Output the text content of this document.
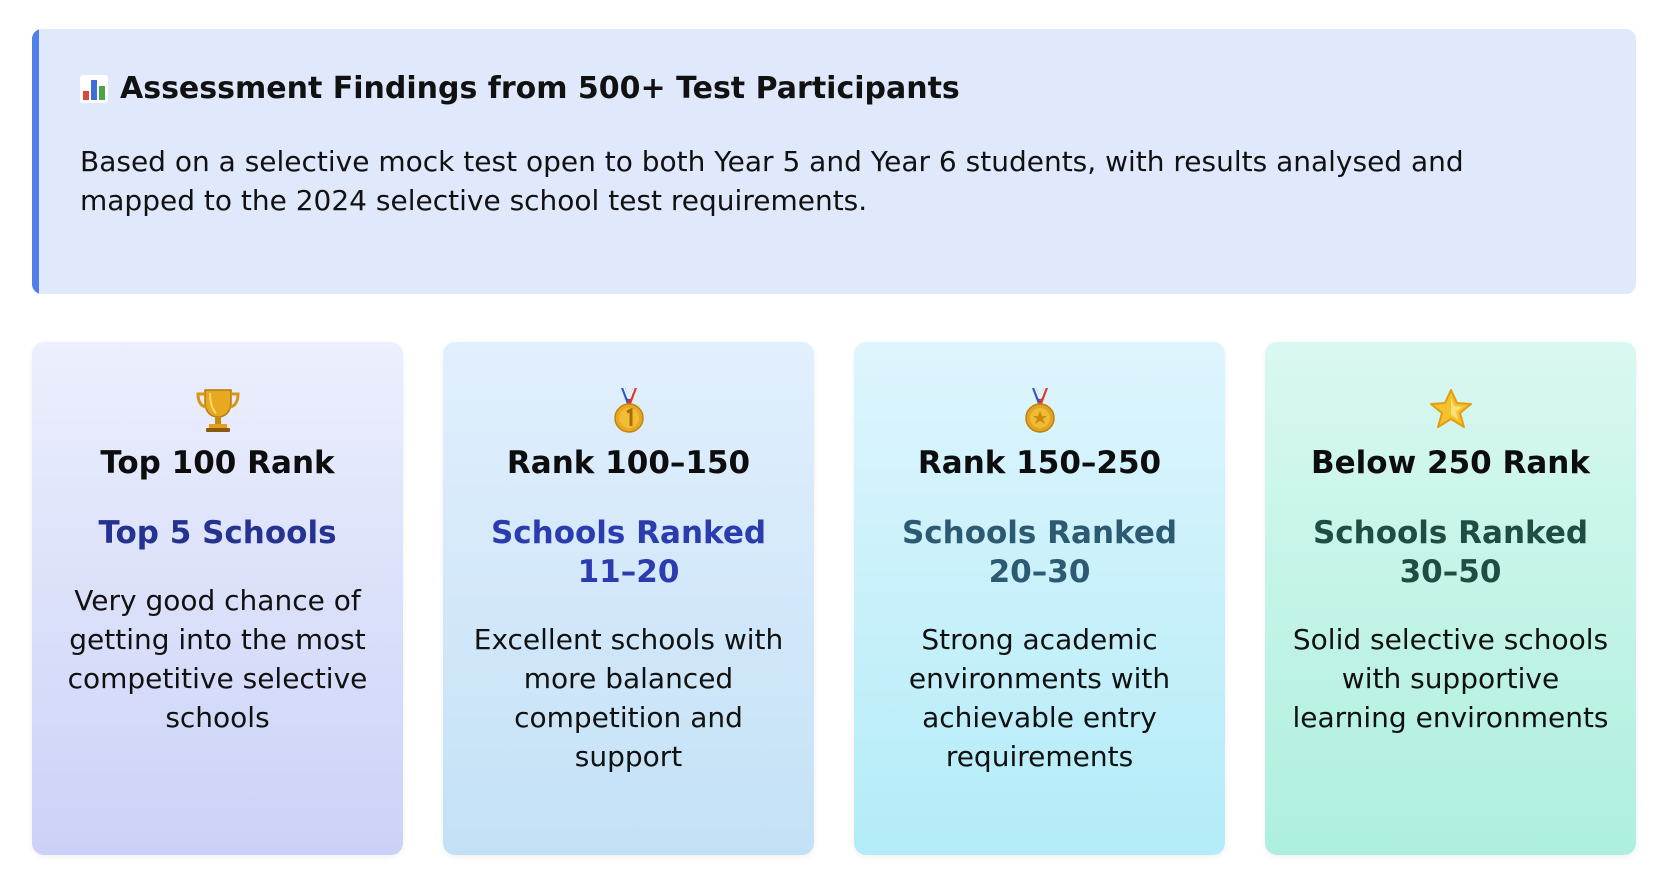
Assessment Findings from 500+ Test Participants
Based on a selective mock test open to both Year 5 and Year 6 students, with results analysed and mapped to the 2024 selective school test requirements.
Top 100 Rank
Top 5 Schools
Very good chance of getting into the most competitive selective schools
Rank 100–150
Schools Ranked 11–20
Excellent schools with more balanced competition and support
Rank 150–250
Schools Ranked 20–30
Strong academic environments with achievable entry requirements
Below 250 Rank
Schools Ranked 30–50
Solid selective schools with supportive learning environments
